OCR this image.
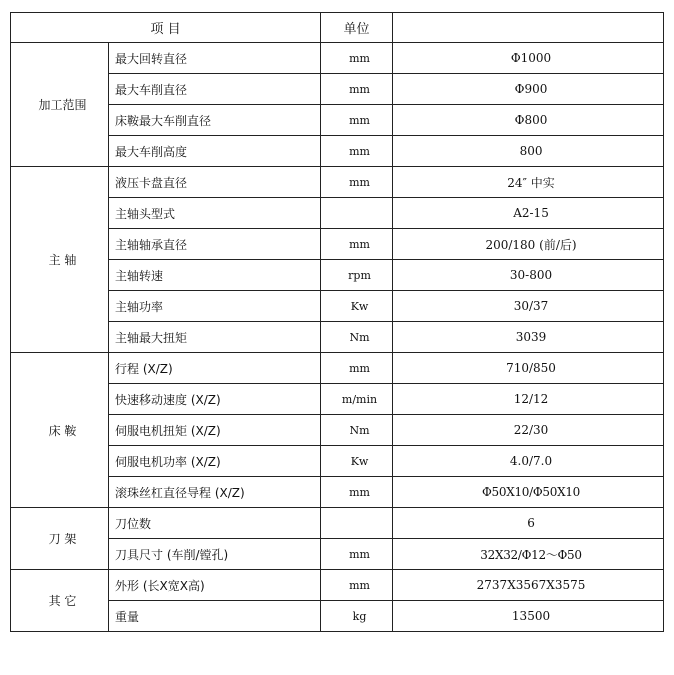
项 目		单位	
加工范围	最大回转直径	mm	Φ1000
	最大车削直径	mm	Φ900
	床鞍最大车削直径	mm	Φ800
	最大车削高度	mm	800
主 轴	液压卡盘直径	mm	24″ 中实
	主轴头型式		A2-15
	主轴轴承直径	mm	200/180 (前/后)
	主轴转速	rpm	30-800
	主轴功率	Kw	30/37
	主轴最大扭矩	Nm	3039
床 鞍	行程 (X/Z)	mm	710/850
	快速移动速度 (X/Z)	m/min	12/12
	伺服电机扭矩 (X/Z)	Nm	22/30
	伺服电机功率 (X/Z)	Kw	4.0/7.0
	滚珠丝杠直径导程 (X/Z)	mm	Φ50X10/Φ50X10
刀 架	刀位数		6
	刀具尺寸 (车削/镗孔)	mm	32X32/Φ12～Φ50
其 它	外形 (长X宽X高)	mm	2737X3567X3575
	重量	kg	13500
